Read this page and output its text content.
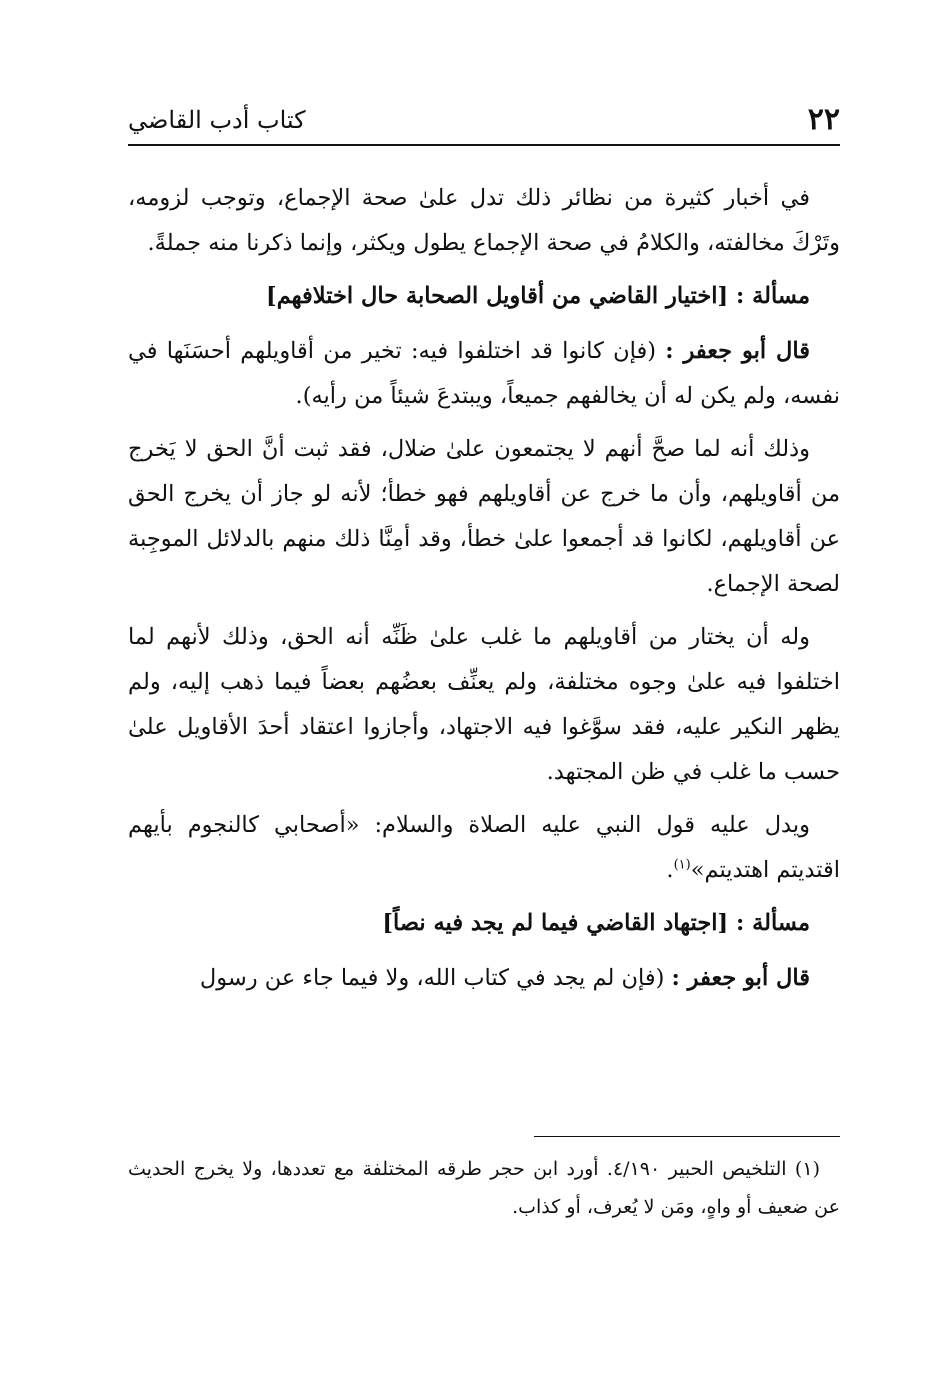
٢٢
كتاب أدب القاضي

في أخبار كثيرة من نظائر ذلك تدل علىٰ صحة الإجماع، وتوجب لزومه، وتَرْكَ مخالفته، والكلامُ في صحة الإجماع يطول ويكثر، وإنما ذكرنا منه جملةً.

مسألة : [اختيار القاضي من أقاويل الصحابة حال اختلافهم]

قال أبو جعفر : (فإن كانوا قد اختلفوا فيه: تخير من أقاويلهم أحسَنَها في نفسه، ولم يكن له أن يخالفهم جميعاً، ويبتدعَ شيئاً من رأيه).

وذلك أنه لما صحَّ أنهم لا يجتمعون علىٰ ضلال، فقد ثبت أنَّ الحق لا يَخرج من أقاويلهم، وأن ما خرج عن أقاويلهم فهو خطأ؛ لأنه لو جاز أن يخرج الحق عن أقاويلهم، لكانوا قد أجمعوا علىٰ خطأ، وقد أمِنَّا ذلك منهم بالدلائل الموجِبة لصحة الإجماع.

وله أن يختار من أقاويلهم ما غلب علىٰ ظَنِّه أنه الحق، وذلك لأنهم لما اختلفوا فيه علىٰ وجوه مختلفة، ولم يعنِّف بعضُهم بعضاً فيما ذهب إليه، ولم يظهر النكير عليه، فقد سوَّغوا فيه الاجتهاد، وأجازوا اعتقاد أحدَ الأقاويل علىٰ حسب ما غلب في ظن المجتهد.

ويدل عليه قول النبي عليه الصلاة والسلام: «أصحابي كالنجوم بأيهم اقتديتم اهتديتم»$^{(١)}$.

مسألة : [اجتهاد القاضي فيما لم يجد فيه نصاً]

قال أبو جعفر : (فإن لم يجد في كتاب الله، ولا فيما جاء عن رسول

(١) التلخيص الحبير ٤/١٩٠. أورد ابن حجر طرقه المختلفة مع تعددها، ولا يخرج الحديث عن ضعيف أو واهٍ، ومَن لا يُعرف، أو كذاب.
